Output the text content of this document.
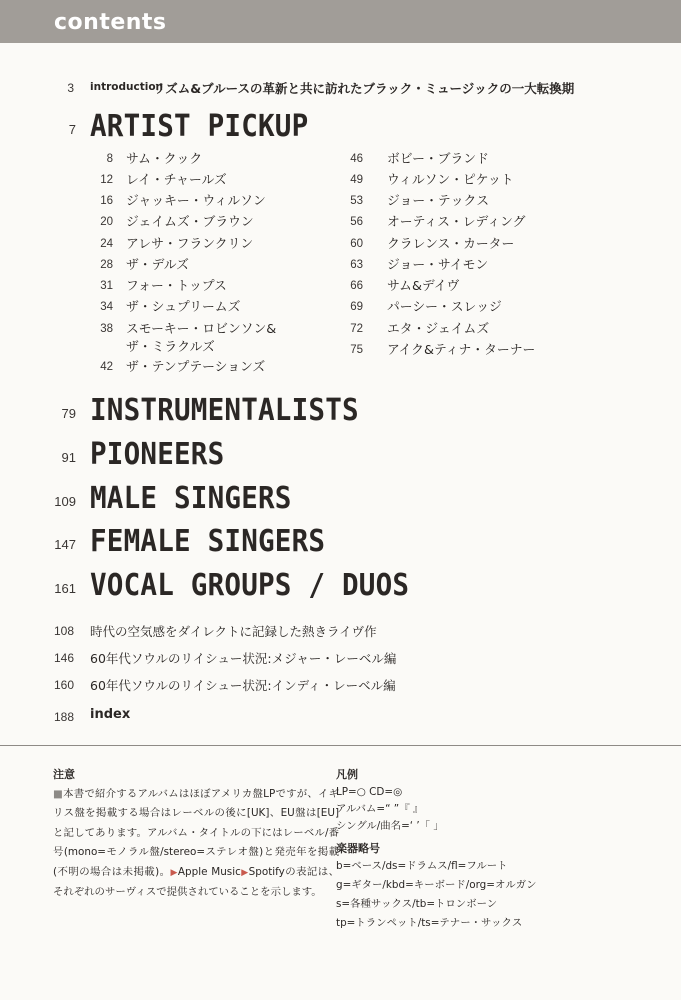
contents
3 introduction
リズム&ブルースの革新と共に訪れたブラック・ミュージックの一大転換期
7 ARTIST PICKUP
8 サム・クック
12 レイ・チャールズ
16 ジャッキー・ウィルソン
20 ジェイムズ・ブラウン
24 アレサ・フランクリン
28 ザ・デルズ
31 フォー・トップス
34 ザ・シュプリームズ
38 スモーキー・ロビンソン&
ザ・ミラクルズ
42 ザ・テンプテーションズ
46 ボビー・ブランド
49 ウィルソン・ピケット
53 ジョー・テックス
56 オーティス・レディング
60 クラレンス・カーター
63 ジョー・サイモン
66 サム&デイヴ
69 パーシー・スレッジ
72 エタ・ジェイムズ
75 アイク&ティナ・ターナー
79 INSTRUMENTALISTS
91 PIONEERS
109 MALE SINGERS
147 FEMALE SINGERS
161 VOCAL GROUPS / DUOS
108 時代の空気感をダイレクトに記録した熱きライヴ作
146 60年代ソウルのリイシュー状況:メジャー・レーベル編
160 60年代ソウルのリイシュー状況:インディ・レーベル編
188 index
注意
■本書で紹介するアルバムはほぼアメリカ盤LPですが、イギリス盤を掲載する場合はレーベルの後に[UK]、EU盤は[EU]と記してあります。アルバム・タイトルの下にはレーベル/番号(mono=モノラル盤/stereo=ステレオ盤)と発売年を掲載(不明の場合は未掲載)。▶Apple Music▶Spotifyの表記は、それぞれのサーヴィスで提供されていることを示します。
凡例
LP=○ CD=◎
アルバム=“ ”『 』
シングル/曲名=‘ ’「 」
楽器略号
b=ベース/ds=ドラムス/fl=フルート
g=ギター/kbd=キーボード/org=オルガン
s=各種サックス/tb=トロンボーン
tp=トランペット/ts=テナー・サックス
